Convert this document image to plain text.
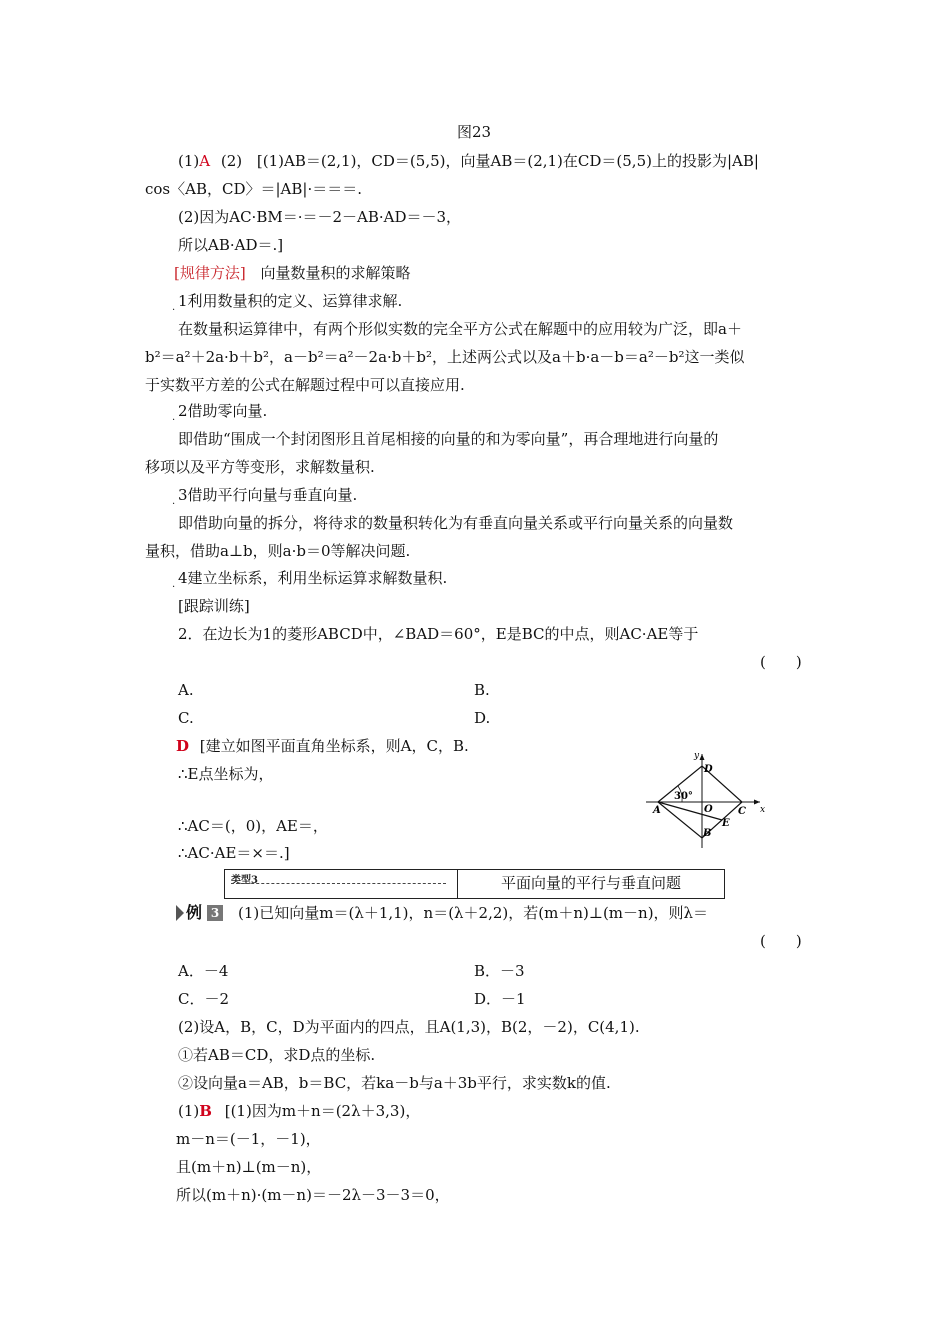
图23
(1)A (2) [(1)AB＝(2,1)，CD＝(5,5)，向量AB＝(2,1)在CD＝(5,5)上的投影为|AB|
cos〈AB，CD〉＝|AB|·＝＝＝.
(2)因为AC·BM＝·＝－2－AB·AD＝－3，
所以AB·AD＝.]
[规律方法] 向量数量积的求解策略
. 1利用数量积的定义、运算律求解.
在数量积运算律中，有两个形似实数的完全平方公式在解题中的应用较为广泛，即a＋
b²＝a²＋2a·b＋b²，a－b²＝a²－2a·b＋b²，上述两公式以及a＋b·a－b＝a²－b²这一类似
于实数平方差的公式在解题过程中可以直接应用.
. 2借助零向量.
即借助“围成一个封闭图形且首尾相接的向量的和为零向量”，再合理地进行向量的
移项以及平方等变形，求解数量积.
. 3借助平行向量与垂直向量.
即借助向量的拆分，将待求的数量积转化为有垂直向量关系或平行向量关系的向量数
量积，借助a⊥b，则a·b＝0等解决问题.
. 4建立坐标系，利用坐标运算求解数量积.
[跟踪训练]
2．在边长为1的菱形ABCD中，∠BAD＝60°，E是BC的中点，则AC·AE等于
(　　)
A.	B.
C.	D.
D [建立如图平面直角坐标系，则A，C，B.
∴E点坐标为，
∴AC＝(，0)，AE＝，
∴AC·AE＝×＝.]
y
x
D
A	O	C
E
B
30°
类型3	平面向量的平行与垂直问题
例 3 (1)已知向量m＝(λ＋1,1)，n＝(λ＋2,2)，若(m＋n)⊥(m－n)，则λ＝
(　　)
A．－4	B．－3
C．－2	D．－1
(2)设A，B，C，D为平面内的四点，且A(1,3)，B(2，－2)，C(4,1).
①若AB＝CD，求D点的坐标.
②设向量a＝AB，b＝BC，若ka－b与a＋3b平行，求实数k的值.
(1)B [(1)因为m＋n＝(2λ＋3,3)，
m－n＝(－1，－1)，
且(m＋n)⊥(m－n)，
所以(m＋n)·(m－n)＝－2λ－3－3＝0，
